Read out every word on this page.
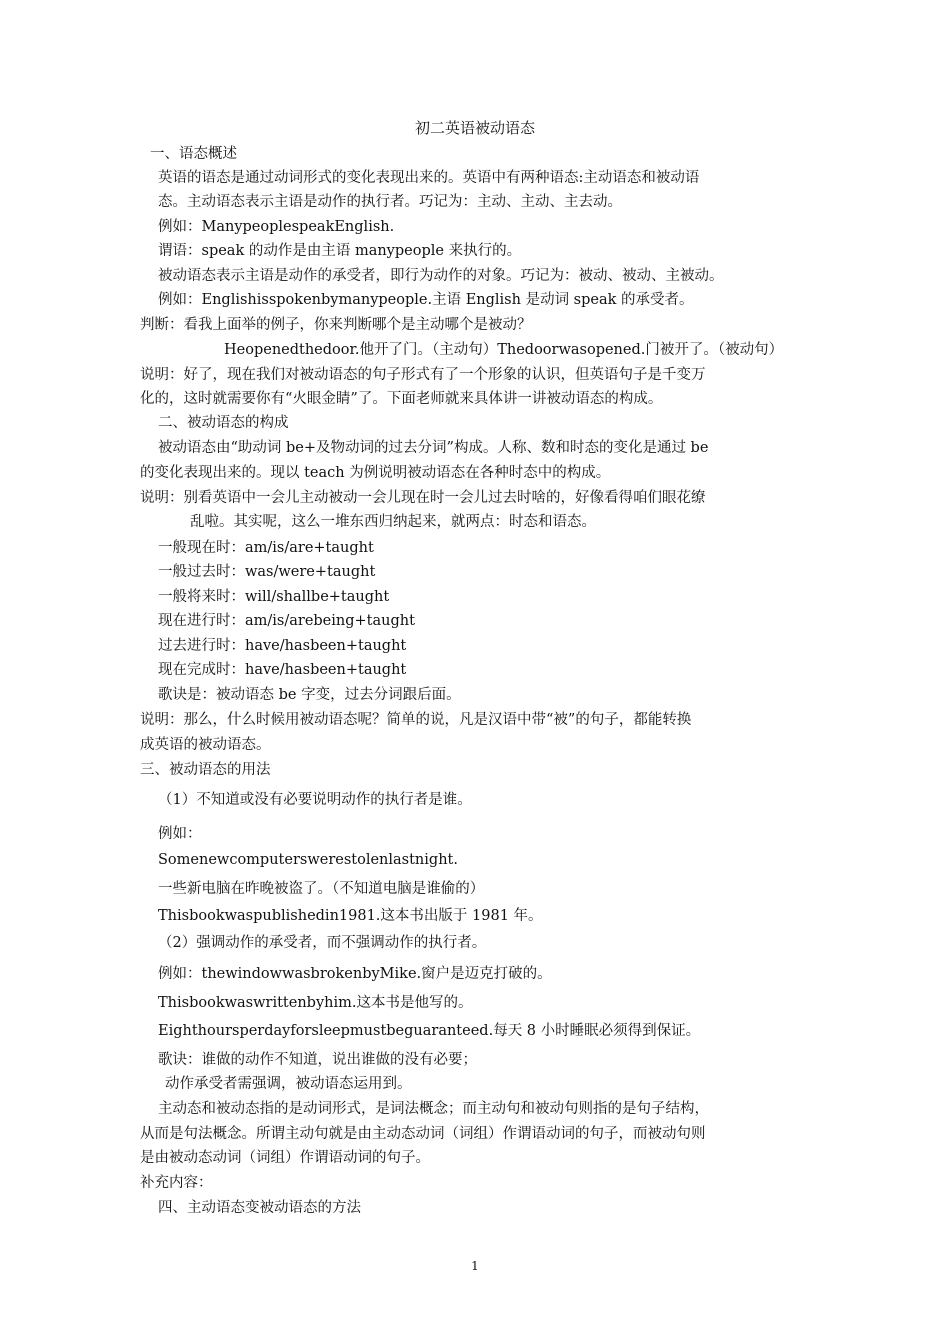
初二英语被动语态
一、语态概述
英语的语态是通过动词形式的变化表现出来的。英语中有两种语态:主动语态和被动语
态。主动语态表示主语是动作的执行者。巧记为：主动、主动、主去动。
例如：ManypeoplespeakEnglish.
谓语：speak 的动作是由主语 manypeople 来执行的。
被动语态表示主语是动作的承受者，即行为动作的对象。巧记为：被动、被动、主被动。
例如：Englishisspokenbymanypeople.主语 English 是动词 speak 的承受者。
判断：看我上面举的例子，你来判断哪个是主动哪个是被动？
Heopenedthedoor.他开了门。（主动句）Thedoorwasopened.门被开了。（被动句）
说明：好了，现在我们对被动语态的句子形式有了一个形象的认识，但英语句子是千变万
化的，这时就需要你有“火眼金睛”了。下面老师就来具体讲一讲被动语态的构成。
二、被动语态的构成
被动语态由“助动词 be+及物动词的过去分词”构成。人称、数和时态的变化是通过 be
的变化表现出来的。现以 teach 为例说明被动语态在各种时态中的构成。
说明：别看英语中一会儿主动被动一会儿现在时一会儿过去时啥的，好像看得咱们眼花缭
乱啦。其实呢，这么一堆东西归纳起来，就两点：时态和语态。
一般现在时：am/is/are+taught
一般过去时：was/were+taught
一般将来时：will/shallbe+taught
现在进行时：am/is/arebeing+taught
过去进行时：have/hasbeen+taught
现在完成时：have/hasbeen+taught
歌诀是：被动语态 be 字变，过去分词跟后面。
说明：那么，什么时候用被动语态呢？简单的说，凡是汉语中带“被”的句子，都能转换
成英语的被动语态。
三、被动语态的用法
（1）不知道或没有必要说明动作的执行者是谁。
例如：
Somenewcomputerswerestolenlastnight.
一些新电脑在昨晚被盗了。（不知道电脑是谁偷的）
Thisbookwaspublishedin1981.这本书出版于 1981 年。
（2）强调动作的承受者，而不强调动作的执行者。
例如：thewindowwasbrokenbyMike.窗户是迈克打破的。
Thisbookwaswrittenbyhim.这本书是他写的。
Eighthoursperdayforsleepmustbeguaranteed.每天 8 小时睡眠必须得到保证。
歌诀：谁做的动作不知道，说出谁做的没有必要；
动作承受者需强调，被动语态运用到。
主动态和被动态指的是动词形式，是词法概念；而主动句和被动句则指的是句子结构，
从而是句法概念。所谓主动句就是由主动态动词（词组）作谓语动词的句子，而被动句则
是由被动态动词（词组）作谓语动词的句子。
补充内容：
四、主动语态变被动语态的方法
1
